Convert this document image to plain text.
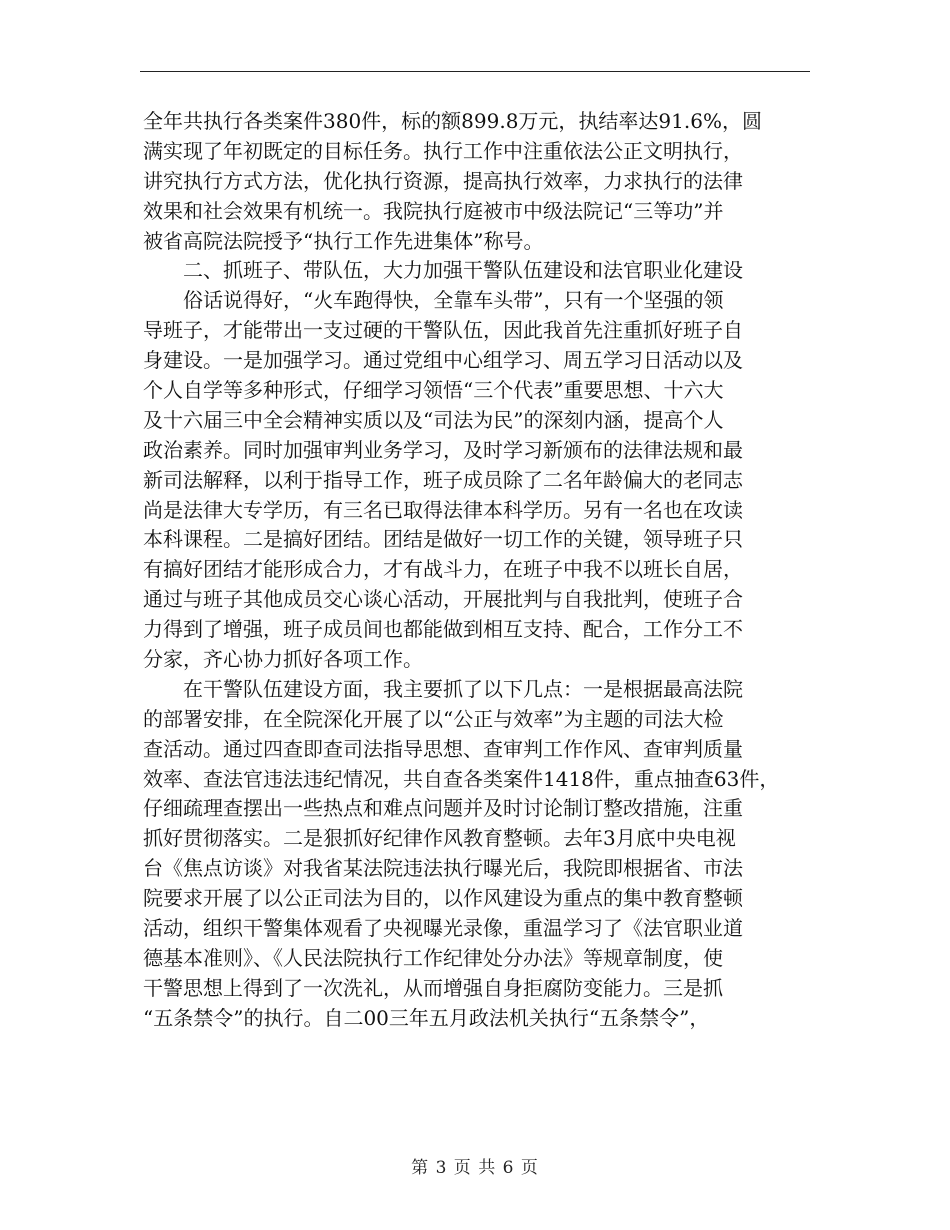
全年共执行各类案件380件，标的额899.8万元，执结率达91.6%，圆
满实现了年初既定的目标任务。执行工作中注重依法公正文明执行，
讲究执行方式方法，优化执行资源，提高执行效率，力求执行的法律
效果和社会效果有机统一。我院执行庭被市中级法院记“三等功”并
被省高院法院授予“执行工作先进集体”称号。
二、抓班子、带队伍，大力加强干警队伍建设和法官职业化建设
俗话说得好，“火车跑得快，全靠车头带”，只有一个坚强的领
导班子，才能带出一支过硬的干警队伍，因此我首先注重抓好班子自
身建设。一是加强学习。通过党组中心组学习、周五学习日活动以及
个人自学等多种形式，仔细学习领悟“三个代表”重要思想、十六大
及十六届三中全会精神实质以及“司法为民”的深刻内涵，提高个人
政治素养。同时加强审判业务学习，及时学习新颁布的法律法规和最
新司法解释，以利于指导工作，班子成员除了二名年龄偏大的老同志
尚是法律大专学历，有三名已取得法律本科学历。另有一名也在攻读
本科课程。二是搞好团结。团结是做好一切工作的关键，领导班子只
有搞好团结才能形成合力，才有战斗力，在班子中我不以班长自居，
通过与班子其他成员交心谈心活动，开展批判与自我批判，使班子合
力得到了增强，班子成员间也都能做到相互支持、配合，工作分工不
分家，齐心协力抓好各项工作。
在干警队伍建设方面，我主要抓了以下几点：一是根据最高法院
的部署安排，在全院深化开展了以“公正与效率”为主题的司法大检
查活动。通过四查即查司法指导思想、查审判工作作风、查审判质量
效率、查法官违法违纪情况，共自查各类案件1418件，重点抽查63件，
仔细疏理查摆出一些热点和难点问题并及时讨论制订整改措施，注重
抓好贯彻落实。二是狠抓好纪律作风教育整顿。去年3月底中央电视
台《焦点访谈》对我省某法院违法执行曝光后，我院即根据省、市法
院要求开展了以公正司法为目的，以作风建设为重点的集中教育整顿
活动，组织干警集体观看了央视曝光录像，重温学习了《法官职业道
德基本准则》、《人民法院执行工作纪律处分办法》等规章制度，使
干警思想上得到了一次洗礼，从而增强自身拒腐防变能力。三是抓
“五条禁令”的执行。自二00三年五月政法机关执行“五条禁令”，
第 3 页 共 6 页
